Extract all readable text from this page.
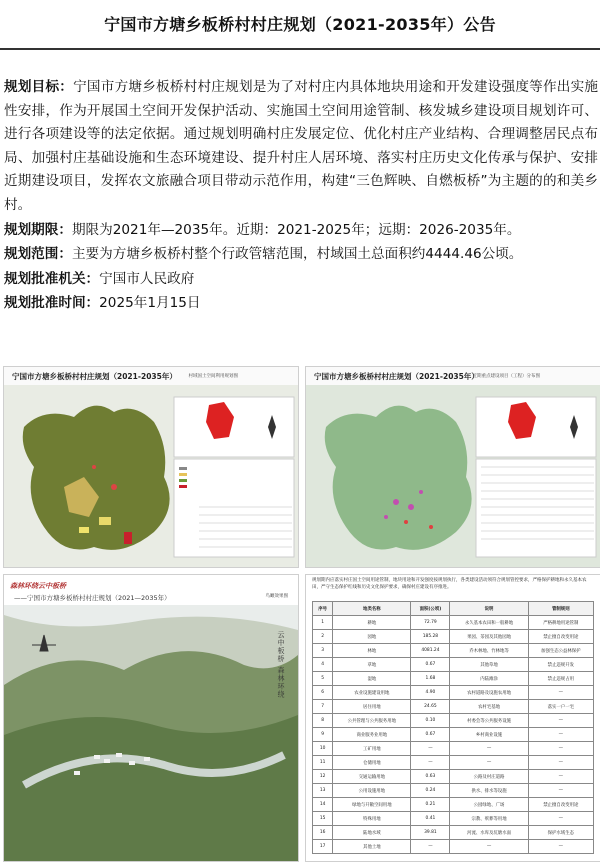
宁国市方塘乡板桥村村庄规划（2021-2035年）公告

规划目标：宁国市方塘乡板桥村村庄规划是为了对村庄内具体地块用途和开发建设强度等作出实施性安排，作为开展国土空间开发保护活动、实施国土空间用途管制、核发城乡建设项目规划许可、进行各项建设等的法定依据。通过规划明确村庄发展定位、优化村庄产业结构、合理调整居民点布局、加强村庄基础设施和生态环境建设、提升村庄人居环境、落实村庄历史文化传承与保护、安排近期建设项目，发挥农文旅融合项目带动示范作用，构建“三色辉映、自燃板桥”为主题的的和美乡村。

规划期限：期限为2021年—2035年。近期：2021-2025年；远期：2026-2035年。

规划范围：主要为方塘乡板桥村整个行政管辖范围，村域国土总面积约4444.46公顷。

规划批准机关：宁国市人民政府

规划批准时间：2025年1月15日

宁国市方塘乡板桥村村庄规划（2021-2035年）	村域国土空间利用规划图	宁国市方塘乡板桥村村庄规划（2021-2035年）
近期重点建设项目（工程）分布图
森林环绕云中板桥
——宁国市方塘乡板桥村村庄规划（2021—2035年）	鸟瞰效果图
云中板桥 森林环绕
规划期内应落实村庄国土空间用途管制，地块用途和开发强度按规划执行，各类建设活动须符合规划管控要求，严格保护耕地和永久基本农田，严守生态保护红线和历史文化保护要求，确保村庄建设有序推进。
序号	地类名称	面积(公顷)	说明	管制规则
1	耕地	72.79	永久基本农田和一般耕地	严格耕地用途管制
2	园地	185.28	果园、茶园及其他园地	禁止擅自改变用途
3	林地	4081.24	乔木林地、竹林地等	加强生态公益林保护
4	草地	0.67	其他草地	禁止违规开发
5	湿地	1.68	内陆滩涂	禁止违规占用
6	农业设施建设用地	4.90	农村道路及设施农用地	—
7	居住用地	24.65	农村宅基地	落实一户一宅
8	公共管理与公共服务用地	0.10	村委会等公共服务设施	—
9	商业服务业用地	0.67	乡村商业设施	—
10	工矿用地	—	—	—
11	仓储用地	—	—	—
12	交通运输用地	0.63	公路及村庄道路	—
13	公用设施用地	0.24	供水、排水等设施	—
14	绿地与开敞空间用地	0.21	公园绿地、广场	禁止擅自改变用途
15	特殊用地	0.41	宗教、殡葬等用地	—
16	陆地水域	39.81	河流、水库及坑塘水面	保护水域生态
17	其他土地	—	—	—
